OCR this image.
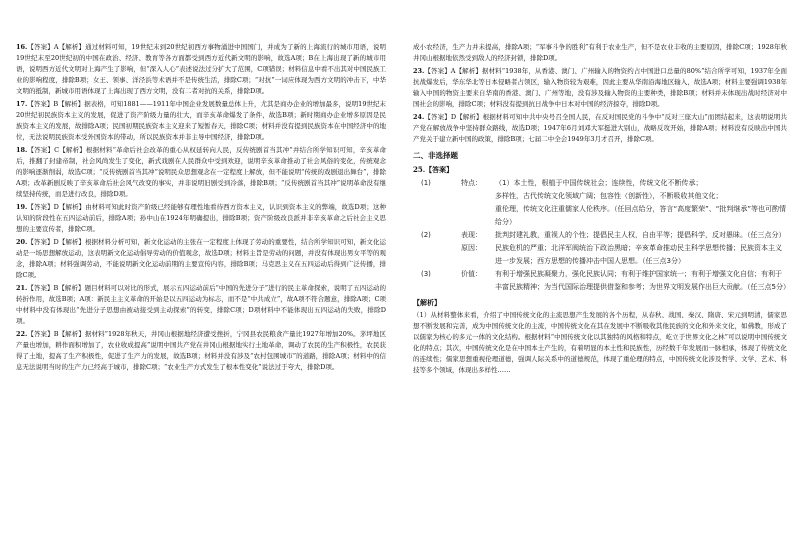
16.【答案】A【解析】通过材料可知，19世纪末到20世纪初西方事物涌进中国国门，并成为了新的上海流行的城市用语，说明19世纪末至20世纪初的中国在政治、经济、教育等各方面都受到西方近代新文明的影响，故选A项；B在上海出现了新的城市用语，说明西方近代文明对上海产生了影响，但“深入人心”表述说法过分扩大了范围，C项错误；材料信息中看不出其对中国民族工业的影响程度，排除B项；女王、领事、洋泾浜等术语并不是传统生活，排除C项；“对抗”一词应体现为西方文明的冲击下，中华文明的抵制，新城市用语体现了上海出现了西方文明，没有二者对抗的关系，排除D项。

17.【答案】B【解析】据表格，可知1881——1911年中国企业发展数量总体上升，尤其是商办企业的增加最多，说明19世纪末20世纪初民族资本主义的发展，促进了资产阶级力量的壮大，而辛亥革命爆发了条件，故选B项；新时期商办企业增多原因是民族资本主义的发展，故排除A项；民国初期民族资本主义迎来了短暂春天，排除C项；材料并没有提到民族资本在中国经济中的地位，无法说明民族资本受外国资本的带动，所以民族资本并非主导中国经济，排除D项。

18.【答案】C【解析】根据材料“革命后社会改革的重心从权延转向人民，反传统剧首当其冲”并结合所学知识可知，辛亥革命后，推翻了封建帝制，社会风尚发生了变化，新式戏剧在人民群众中受到欢迎，说明辛亥革命推动了社会风俗的变化，传统观念的影响逐渐削弱，故选C项；“反传统剧首当其冲”说明民众思想观念在一定程度上解放，但不能说明“传统的戏剧退出舞台”，排除A项；改革新剧反映了辛亥革命后社会风气改变的事实，并非说明旧剧受到冷落，排除B项；“反传统剧首当其冲”说明革命没有继续坚持传统，而是进行改良，排除D项。

19.【答案】D【解析】由材料可知此时资产阶级已经能够有理性地看待西方资本主义，认识到资本主义的弊端，故选D项；这种认知的阶段性在五四运动前后，排除A项；孙中山在1924年明确提出，排除B项；资产阶级改良派并非辛亥革命之后社会主义思想的主要宣传者，排除C项。

20.【答案】D【解析】根据材料分析可知，新文化运动的主张在一定程度上体现了劳动的重要性，结合所学知识可知，新文化运动是一场思想解放运动，这表明新文化运动倡导劳动的价值观念，故选D项；材料主旨是劳动的问题，并没有体现出男女平等的观念，排除A项；材料强调劳动，不能说明新文化运动前期的主要宣传内容，排除B项；马克思主义在五四运动后得到广泛传播，排除C项。

21.【答案】B【解析】题目材料可以对比的形式，展示五四运动前后“中国的先进分子”进行的民主革命探索，说明了五四运动的转折作用，故选B项；A项：新民主主义革命的开始是以五四运动为标志，而不是“中共成立”，故A项不符合题意，排除A项；C项中材料中没有体现出“先进分子思想由被动接受到主动探索”的转变，排除C项；D项材料中不能体现出五四运动的失败，排除D项。

22.【答案】B【解析】据材料“1928年秋天，井冈山根据地经济遭受挫折，宁冈县农民粮食产量比1927年增加20%。茅坪地区产量也增加，耕作面积增加了，农业收成提高”说明中国共产党在井冈山根据地实行土地革命，调动了农民的生产积极性，农民获得了土地，提高了生产积极性，促进了生产力的发展，故选B项；材料并没有涉及“农村包围城市”的道路，排除A项；材料中的信息无法说明当时的生产力已经高于城市，排除C项；“农业生产方式发生了根本性变化”说法过于夸大，排除D项。

成小农经济，生产力并未提高，排除A项；“军事斗争的胜利”有利于农业生产，但不是农业丰收的主要原因，排除C项；1928年秋井冈山根据地依然受到敌人的经济封锁，排除D项。

23.【答案】A【解析】据材料“1938年，从香港、澳门、广州输入的物资约占中国进口总量的80%”结合所学可知，1937年全面抗战爆发后，华东华北等日本侵略者占领区，输入物资较为艰难，因此主要从华南沿海地区输入，故选A项；材料主要强调1938年输入中国的物资主要来自华南的香港、澳门、广州等地，没有涉及输入物资的主要种类，排除B项；材料并未体现出战时经济对中国社会的影响，排除C项；材料没有提到抗日战争中日本对中国的经济掠夺，排除D项。

24.【答案】D【解析】根据材料可知中共中央号召全国人民，在反对国民党的斗争中“反对三座大山”而团结起来，这表明说明共产党在解放战争中坚持群众路线，故选D项；1947年6月刘邓大军挺进大别山，战略反攻开始，排除A项；材料没有反映出中国共产党关于建立新中国的政策，排除B项；七届二中全会1949年3月才召开，排除C项。

二、非选择题
25.【答案】
(1)	特点：	（1）本土性，根植于中国传统社会；连续性，传统文化不断传承；
多样性，古代传统文化领域广阔；包容性（创新性），不断吸收其他文化；
重伦理，传统文化注重儒家人伦秩序。（任回点给分，答言“高度繁荣”、“批判继承”等也可酌情给分）
(2)	表现：	批判封建礼教，重视人的个性；提倡民主人权，自由平等；提倡科学，反对愚昧。（任三点分）
原因：	民族危机的严重；北洋军阀统治下政治黑暗；辛亥革命推动民主科学思想传播；民族资本主义进一步发展；西方思想的传播冲击中国人思想。（任三点3分）
(3)	价值：	有利于增强民族凝聚力，强化民族认同；有利于维护国家统一；有利于增强文化自信；有利于丰富民族精神；为当代国际治理提供借鉴和参考；为世界文明发展作出巨大贡献。（任三点5分）
【解析】

（1）从材料整体来看，介绍了中国传统文化的主流思想产生发展的各个历程，从春秋、战国、秦汉、隋唐、宋元到明清，儒家思想不断发展和完善，成为中国传统文化的主流，中国传统文化在其在发展中不断吸收其他民族的文化和外来文化，如佛教，形成了以儒家为核心的多元一体的文化结构。根据材料“中国传统文化以其独特的风格和特点，屹立于世界文化之林”可以说明中国传统文化的特点；其次，中国传统文化是在中国本土产生的，有着明显的本土性和民族性，历经数千年发展而一脉相承，体现了传统文化的连续性；儒家思想重视伦理道德，强调人际关系中的道德规范，体现了重伦理的特点，中国传统文化涉及哲学、文学、艺术、科技等多个领域，体现出多样性……
